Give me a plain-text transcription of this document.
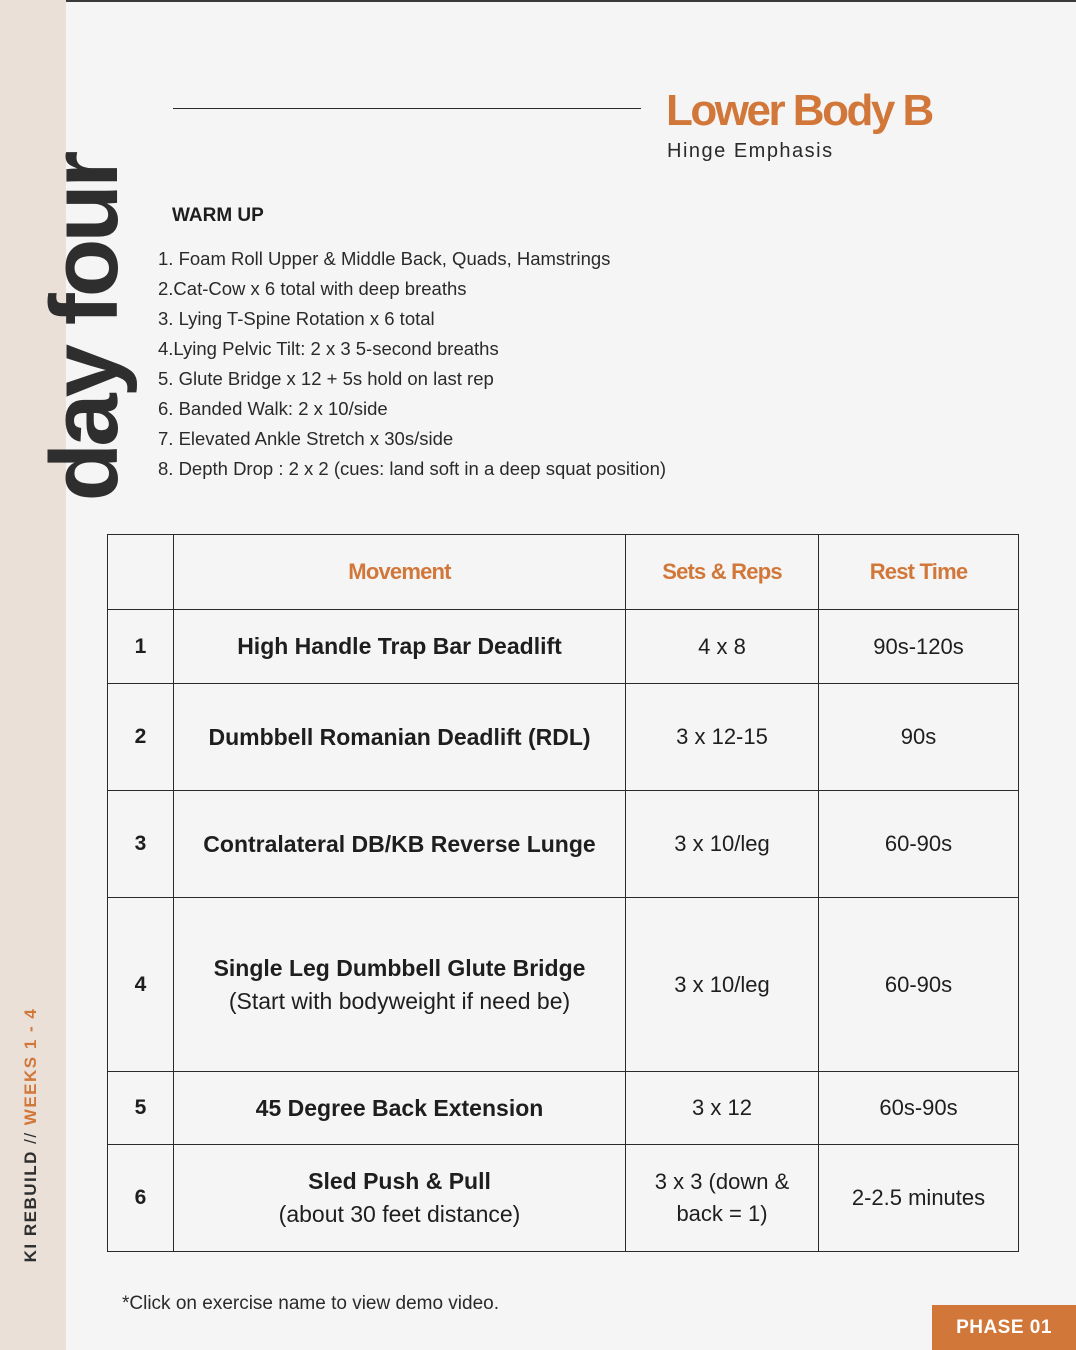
day four
KI REBUILD // WEEKS 1 - 4
Lower Body B
Hinge Emphasis
WARM UP
1. Foam Roll Upper & Middle Back, Quads, Hamstrings
2.Cat-Cow x 6 total with deep breaths
3. Lying T-Spine Rotation x 6 total
4.Lying Pelvic Tilt: 2 x 3 5-second breaths
5. Glute Bridge x 12 + 5s hold on last rep
6. Banded Walk: 2 x 10/side
7. Elevated Ankle Stretch x 30s/side
8. Depth Drop : 2 x 2 (cues: land soft in a deep squat position)
	Movement	Sets & Reps	Rest Time
1	High Handle Trap Bar Deadlift	4 x 8	90s-120s
2	Dumbbell Romanian Deadlift (RDL)	3 x 12-15	90s
3	Contralateral DB/KB Reverse Lunge	3 x 10/leg	60-90s
4	Single Leg Dumbbell Glute Bridge
(Start with bodyweight if need be)	3 x 10/leg	60-90s
5	45 Degree Back Extension	3 x 12	60s-90s
6	Sled Push & Pull
(about 30 feet distance)	3 x 3 (down & back = 1)	2-2.5 minutes
*Click on exercise name to view demo video.
PHASE 01
